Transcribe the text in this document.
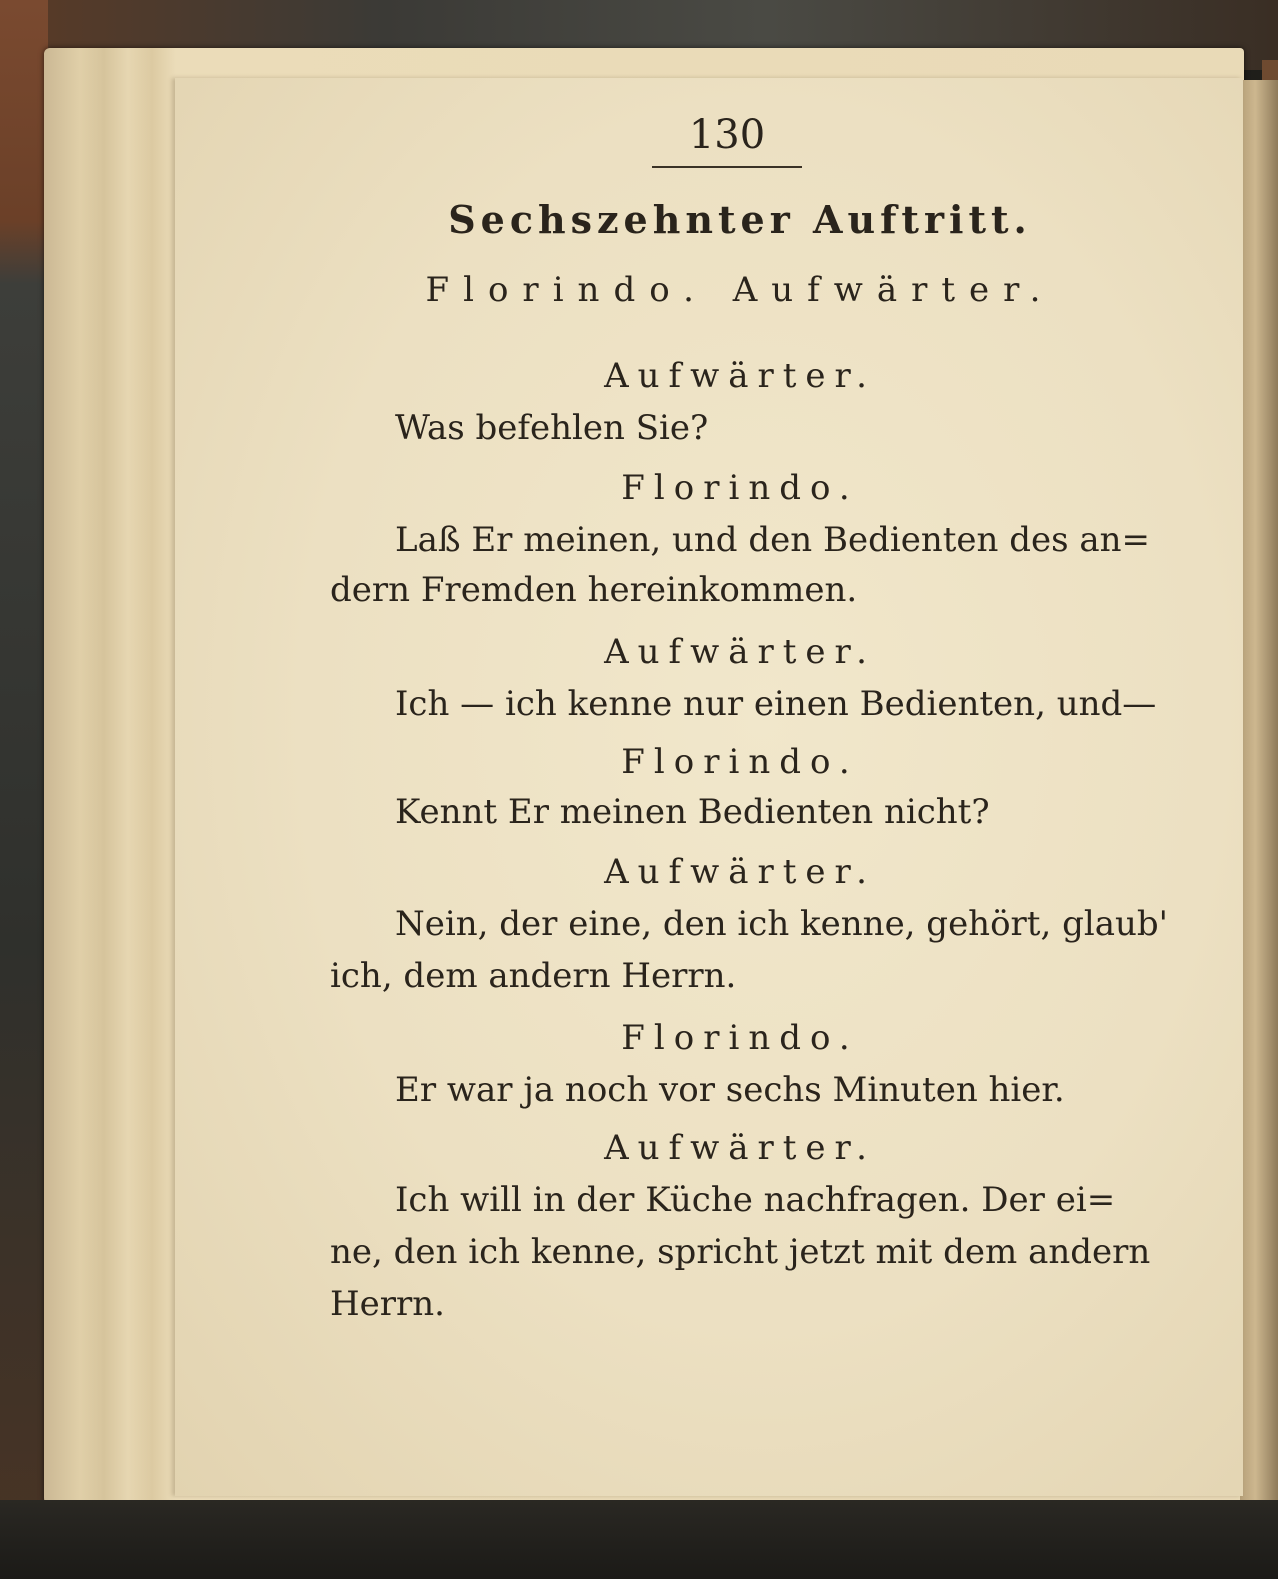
130
Sechszehnter Auftritt.
Florindo. Aufwärter.
Aufwärter.
Was befehlen Sie?
Florindo.
Laß Er meinen, und den Bedienten des an=
dern Fremden hereinkommen.
Aufwärter.
Ich — ich kenne nur einen Bedienten, und—
Florindo.
Kennt Er meinen Bedienten nicht?
Aufwärter.
Nein, der eine, den ich kenne, gehört, glaub'
ich, dem andern Herrn.
Florindo.
Er war ja noch vor sechs Minuten hier.
Aufwärter.
Ich will in der Küche nachfragen. Der ei=
ne, den ich kenne, spricht jetzt mit dem andern
Herrn.
